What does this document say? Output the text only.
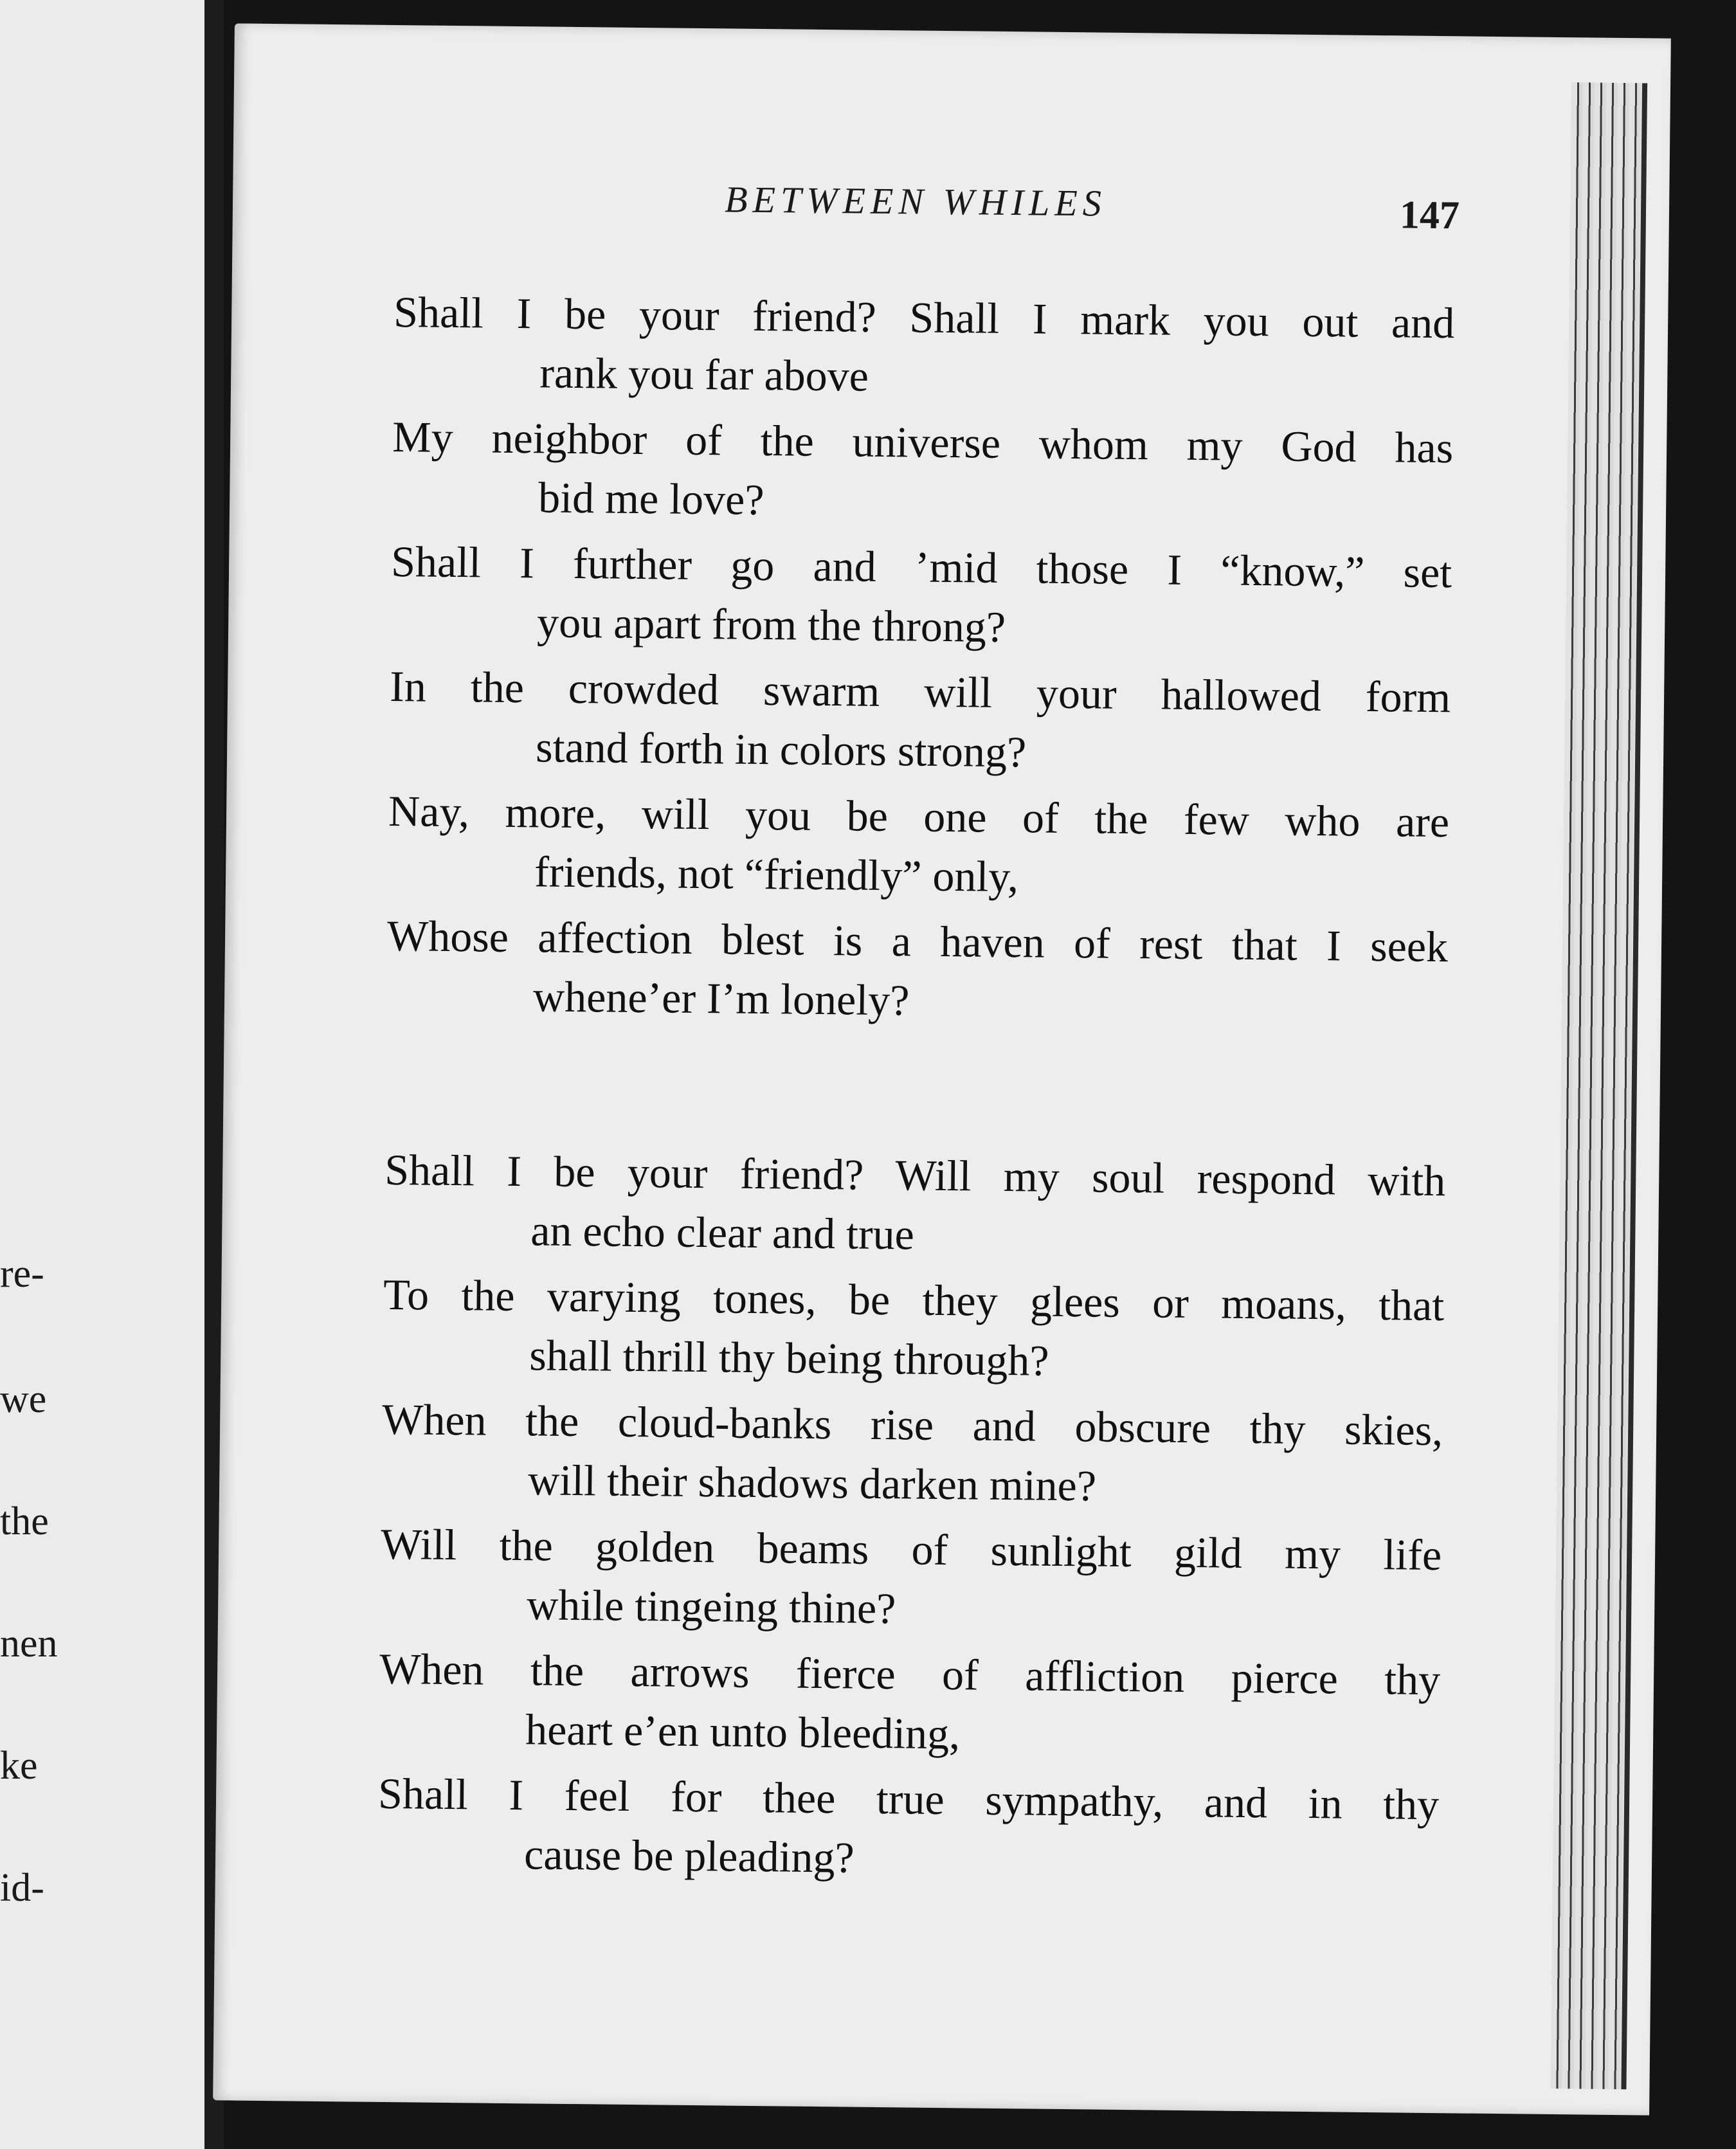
re-
we
the
nen
ke
id-
BETWEEN WHILES	147
Shall I be your friend? Shall I mark you out and
rank you far above
My neighbor of the universe whom my God has
bid me love?
Shall I further go and ’mid those I “know,” set
you apart from the throng?
In the crowded swarm will your hallowed form
stand forth in colors strong?
Nay, more, will you be one of the few who are
friends, not “friendly” only,
Whose affection blest is a haven of rest that I seek
whene’er I’m lonely?
Shall I be your friend? Will my soul respond with
an echo clear and true
To the varying tones, be they glees or moans, that
shall thrill thy being through?
When the cloud-banks rise and obscure thy skies,
will their shadows darken mine?
Will the golden beams of sunlight gild my life
while tingeing thine?
When the arrows fierce of affliction pierce thy
heart e’en unto bleeding,
Shall I feel for thee true sympathy, and in thy
cause be pleading?
